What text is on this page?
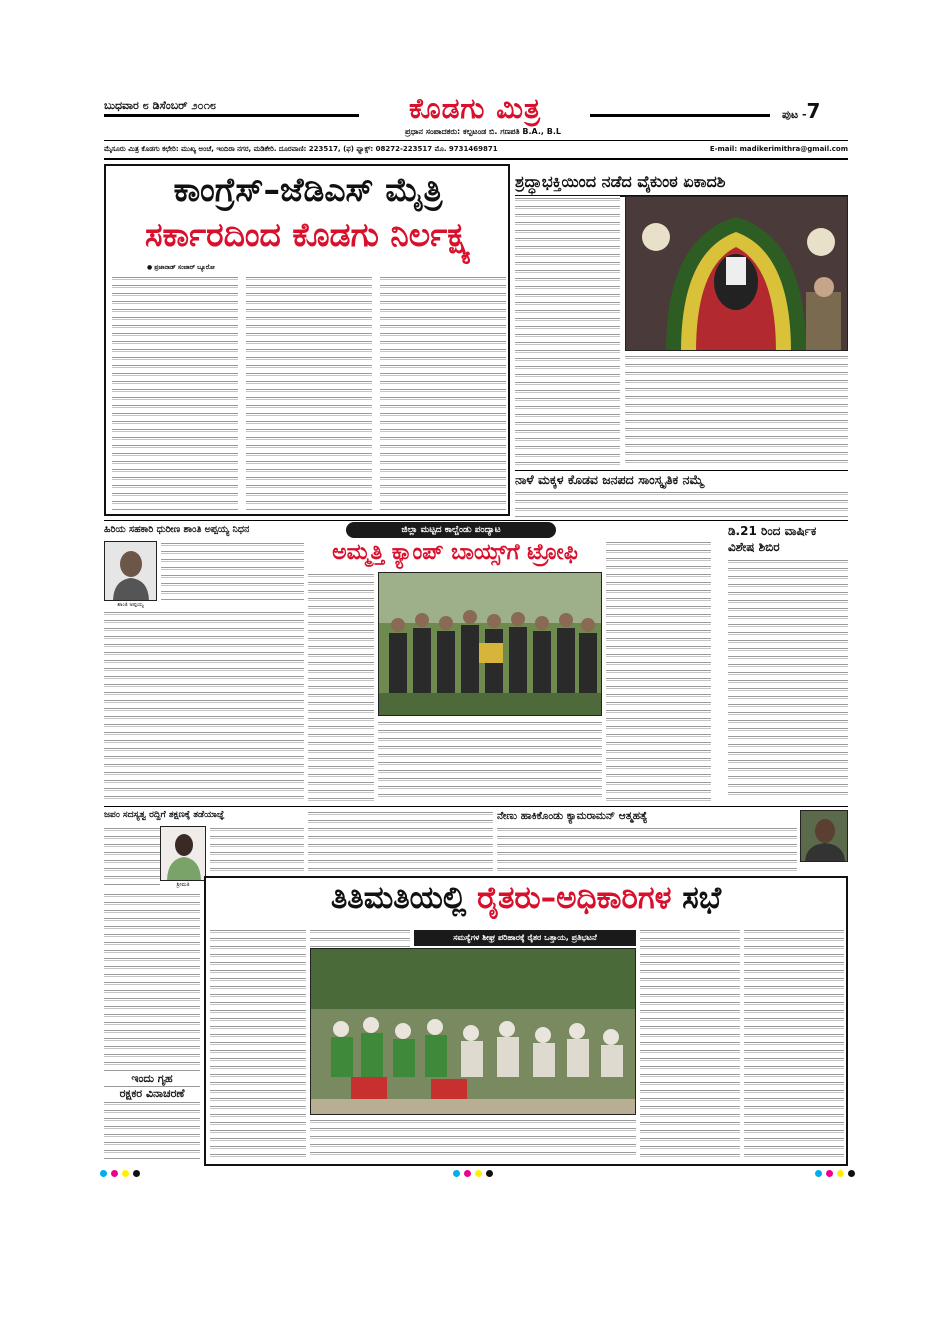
ಬುಧವಾರ ೮ ಡಿಸೆಂಬರ್ ೨೦೧೮	ಕೊಡಗು ಮಿತ್ರ
ಪ್ರಧಾನ ಸಂಪಾದಕರು: ಕಲ್ಪಟಂಡ ಬಿ. ಗಣಪತಿ B.A., B.L
ಪುಟ -7
ಮೈಸೂರು ಮಿತ್ರ ಕೊಡಗು ಕಛೇರಿ: ಮುಖ್ಯ ಅಂಚೆ, ಇಂದಿರಾ ನಗರ, ಮಡಿಕೇರಿ. ದೂರವಾಣಿ: 223517, (ಫ) ಫ್ಯಾಕ್ಸ್: 08272-223517 ಮೊ. 9731469871	E-mail: madikerimithra@gmail.com
ಕಾಂಗ್ರೆಸ್–ಜೆಡಿಎಸ್ ಮೈತ್ರಿ
ಸರ್ಕಾರದಿಂದ ಕೊಡಗು ನಿರ್ಲಕ್ಷ್ಯ
● ಪ್ರಜಾನಾಡ್ ಸಂಜಾರ್ ಬ್ಯೂರೋ
ಶ್ರದ್ಧಾಭಕ್ತಿಯಿಂದ ನಡೆದ ವೈಕುಂಠ ಏಕಾದಶಿ
ನಾಳೆ ಮಕ್ಕಳ ಕೊಡವ ಜನಪದ ಸಾಂಸ್ಕೃತಿಕ ನಮ್ಮೆ
ಹಿರಿಯ ಸಹಕಾರಿ ಧುರೀಣ ಶಾಂತಿ ಅಪ್ಪಯ್ಯ ನಿಧನ
ಶಾಂತಿ ಅಪ್ಪಯ್ಯ
ಜಿಲ್ಲಾ ಮಟ್ಟದ ಕಾಲ್ಚೆಂಡು ಪಂದ್ಯಾಟ
ಅಮ್ಮತ್ತಿ ಕ್ಯಾಂಪ್ ಬಾಯ್ಸ್‌ಗೆ ಟ್ರೋಫಿ
ಡಿ.21 ರಿಂದ ವಾರ್ಷಿಕ
ವಿಶೇಷ ಶಿಬಿರ
ಜಪಂ ಸದಸ್ಯತ್ವ ರದ್ದಿಗೆ ತಕ್ಷಣಕ್ಕೆ ತಡೆಯಾಜ್ಞೆ
ಶ್ರೀಮತಿ
ನೇಣು ಹಾಕಿಕೊಂಡು ಕ್ಯಾಮರಾಮನ್ ಆತ್ಮಹತ್ಯೆ
ತಿತಿಮತಿಯಲ್ಲಿ ರೈತರು–ಅಧಿಕಾರಿಗಳ ಸಭೆ
ಸಮಸ್ಯೆಗಳ ಶೀಘ್ರ ಪರಿಹಾರಕ್ಕೆ ರೈತರ ಒತ್ತಾಯ, ಪ್ರತಿಭಟನೆ
ಇಂದು ಗೃಹ
ರಕ್ಷಕರ ವಿನಾಚರಣೆ
